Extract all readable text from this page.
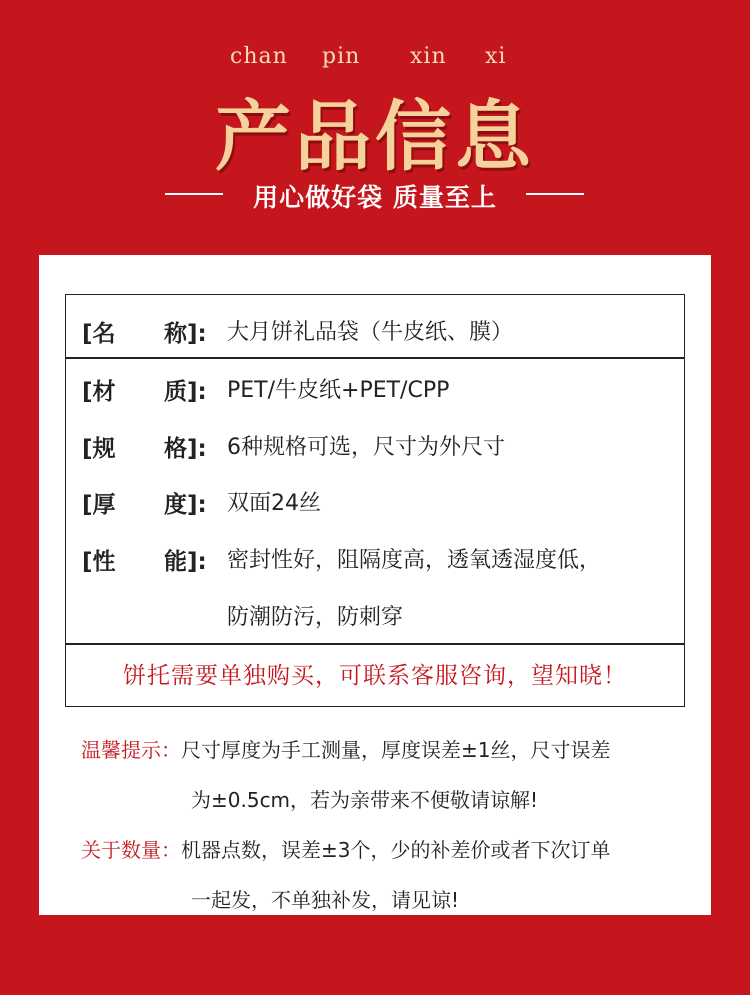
chan pin xin xi
产品信息
用心做好袋 质量至上
[名 称]: 大月饼礼品袋（牛皮纸、膜）
[材 质]: PET/牛皮纸+PET/CPP
[规 格]: 6种规格可选，尺寸为外尺寸
[厚 度]: 双面24丝
[性 能]: 密封性好，阻隔度高，透氧透湿度低，
防潮防污，防刺穿
饼托需要单独购买，可联系客服咨询，望知晓！
温馨提示：尺寸厚度为手工测量，厚度误差±1丝，尺寸误差
为±0.5cm，若为亲带来不便敬请谅解!
关于数量：机器点数，误差±3个，少的补差价或者下次订单
一起发，不单独补发，请见谅!
